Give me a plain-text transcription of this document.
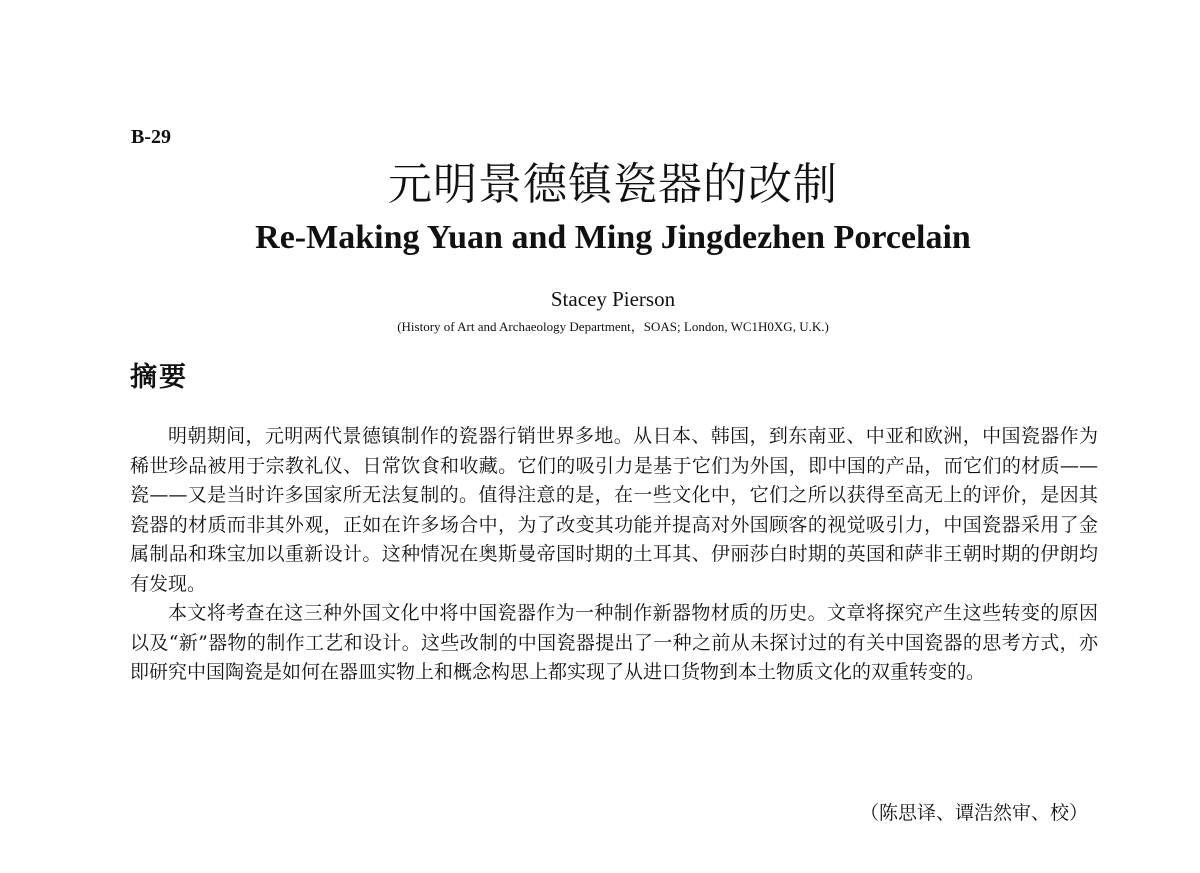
B-29
元明景德镇瓷器的改制
Re-Making Yuan and Ming Jingdezhen Porcelain
Stacey Pierson
(History of Art and Archaeology Department，SOAS; London, WC1H0XG, U.K.)
摘要

明朝期间，元明两代景德镇制作的瓷器行销世界多地。从日本、韩国，到东南亚、中亚和欧洲，中国瓷器作为稀世珍品被用于宗教礼仪、日常饮食和收藏。它们的吸引力是基于它们为外国，即中国的产品，而它们的材质——瓷——又是当时许多国家所无法复制的。值得注意的是，在一些文化中，它们之所以获得至高无上的评价，是因其瓷器的材质而非其外观，正如在许多场合中，为了改变其功能并提高对外国顾客的视觉吸引力，中国瓷器采用了金属制品和珠宝加以重新设计。这种情况在奥斯曼帝国时期的土耳其、伊丽莎白时期的英国和萨非王朝时期的伊朗均有发现。

本文将考查在这三种外国文化中将中国瓷器作为一种制作新器物材质的历史。文章将探究产生这些转变的原因以及“新”器物的制作工艺和设计。这些改制的中国瓷器提出了一种之前从未探讨过的有关中国瓷器的思考方式，亦即研究中国陶瓷是如何在器皿实物上和概念构思上都实现了从进口货物到本土物质文化的双重转变的。

（陈思译、谭浩然审、校）
